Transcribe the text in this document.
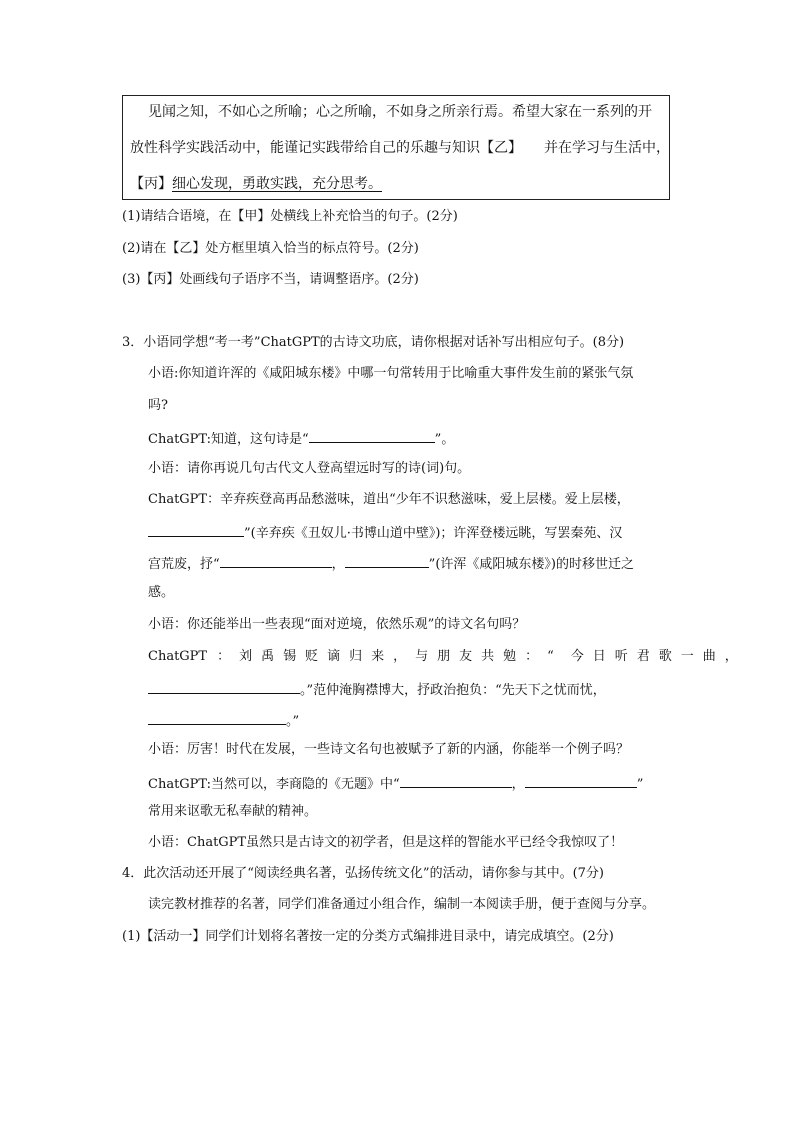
见闻之知，不如心之所喻；心之所喻，不如身之所亲行焉。希望大家在一系列的开
放性科学实践活动中，能谨记实践带给自己的乐趣与知识【乙】 并在学习与生活中，
【丙】细心发现，勇敢实践，充分思考。
(1)请结合语境，在【甲】处横线上补充恰当的句子。(2分)
(2)请在【乙】处方框里填入恰当的标点符号。(2分)
(3)【丙】处画线句子语序不当，请调整语序。(2分)
3．小语同学想“考一考”ChatGPT的古诗文功底，请你根据对话补写出相应句子。(8分)
小语:你知道许浑的《咸阳城东楼》中哪一句常转用于比喻重大事件发生前的紧张气氛
吗?
ChatGPT:知道，这句诗是“	”。
小语：请你再说几句古代文人登高望远时写的诗(词)句。
ChatGPT：辛弃疾登高再品愁滋味，道出“少年不识愁滋味，爱上层楼。爱上层楼，
”(辛弃疾《丑奴儿·书博山道中壁》)；许浑登楼远眺，写罢秦苑、汉
宫荒废，抒“	，	”(许浑《咸阳城东楼》)的时移世迁之
感。
小语：你还能举出一些表现“面对逆境，依然乐观”的诗文名句吗？
ChatGPT ：刘禹锡贬谪归来，与朋友共勉：“ 今日听君歌一曲，
。”范仲淹胸襟博大，抒政治抱负：“先天下之忧而忧，
。”
小语：厉害！时代在发展，一些诗文名句也被赋予了新的内涵，你能举一个例子吗？
ChatGPT:当然可以，李商隐的《无题》中“	，	”
常用来讴歌无私奉献的精神。
小语：ChatGPT虽然只是古诗文的初学者，但是这样的智能水平已经令我惊叹了！
4．此次活动还开展了“阅读经典名著，弘扬传统文化”的活动，请你参与其中。(7分)
读完教材推荐的名著，同学们准备通过小组合作，编制一本阅读手册，便于查阅与分享。
(1)【活动一】同学们计划将名著按一定的分类方式编排进目录中，请完成填空。(2分)
